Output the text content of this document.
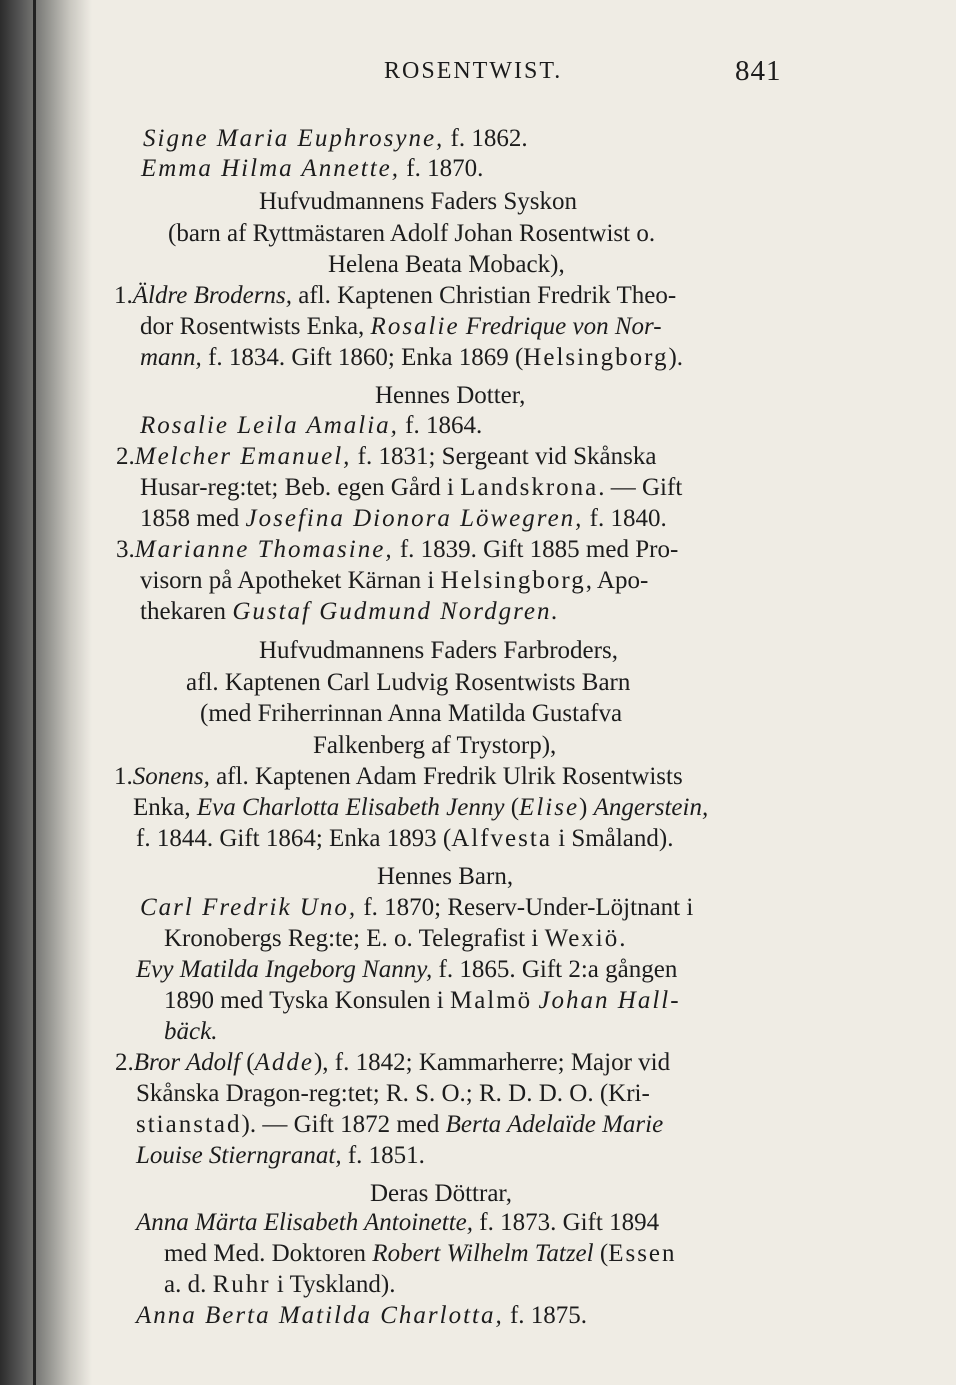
ROSENTWIST.	841
Signe Maria Euphrosyne, f. 1862.
Emma Hilma Annette, f. 1870.
Hufvudmannens Faders Syskon
(barn af Ryttmästaren Adolf Johan Rosentwist o.
Helena Beata Moback),
1.Äldre Broderns, afl. Kaptenen Christian Fredrik Theo-
dor Rosentwists Enka, Rosalie Fredrique von Nor-
mann, f. 1834. Gift 1860; Enka 1869 (Helsingborg).
Hennes Dotter,
Rosalie Leila Amalia, f. 1864.
2.Melcher Emanuel, f. 1831; Sergeant vid Skånska
Husar-reg:tet; Beb. egen Gård i Landskrona. — Gift
1858 med Josefina Dionora Löwegren, f. 1840.
3.Marianne Thomasine, f. 1839. Gift 1885 med Pro-
visorn på Apotheket Kärnan i Helsingborg, Apo-
thekaren Gustaf Gudmund Nordgren.
Hufvudmannens Faders Farbroders,
afl. Kaptenen Carl Ludvig Rosentwists Barn
(med Friherrinnan Anna Matilda Gustafva
Falkenberg af Trystorp),
1.Sonens, afl. Kaptenen Adam Fredrik Ulrik Rosentwists
Enka, Eva Charlotta Elisabeth Jenny (Elise) Angerstein,
f. 1844. Gift 1864; Enka 1893 (Alfvesta i Småland).
Hennes Barn,
Carl Fredrik Uno, f. 1870; Reserv-Under-Löjtnant i
Kronobergs Reg:te; E. o. Telegrafist i Wexiö.
Evy Matilda Ingeborg Nanny, f. 1865. Gift 2:a gången
1890 med Tyska Konsulen i Malmö Johan Hall-
bäck.
2.Bror Adolf (Adde), f. 1842; Kammarherre; Major vid
Skånska Dragon-reg:tet; R. S. O.; R. D. D. O. (Kri-
stianstad). — Gift 1872 med Berta Adelaïde Marie
Louise Stierngranat, f. 1851.
Deras Döttrar,
Anna Märta Elisabeth Antoinette, f. 1873. Gift 1894
med Med. Doktoren Robert Wilhelm Tatzel (Essen
a. d. Ruhr i Tyskland).
Anna Berta Matilda Charlotta, f. 1875.
